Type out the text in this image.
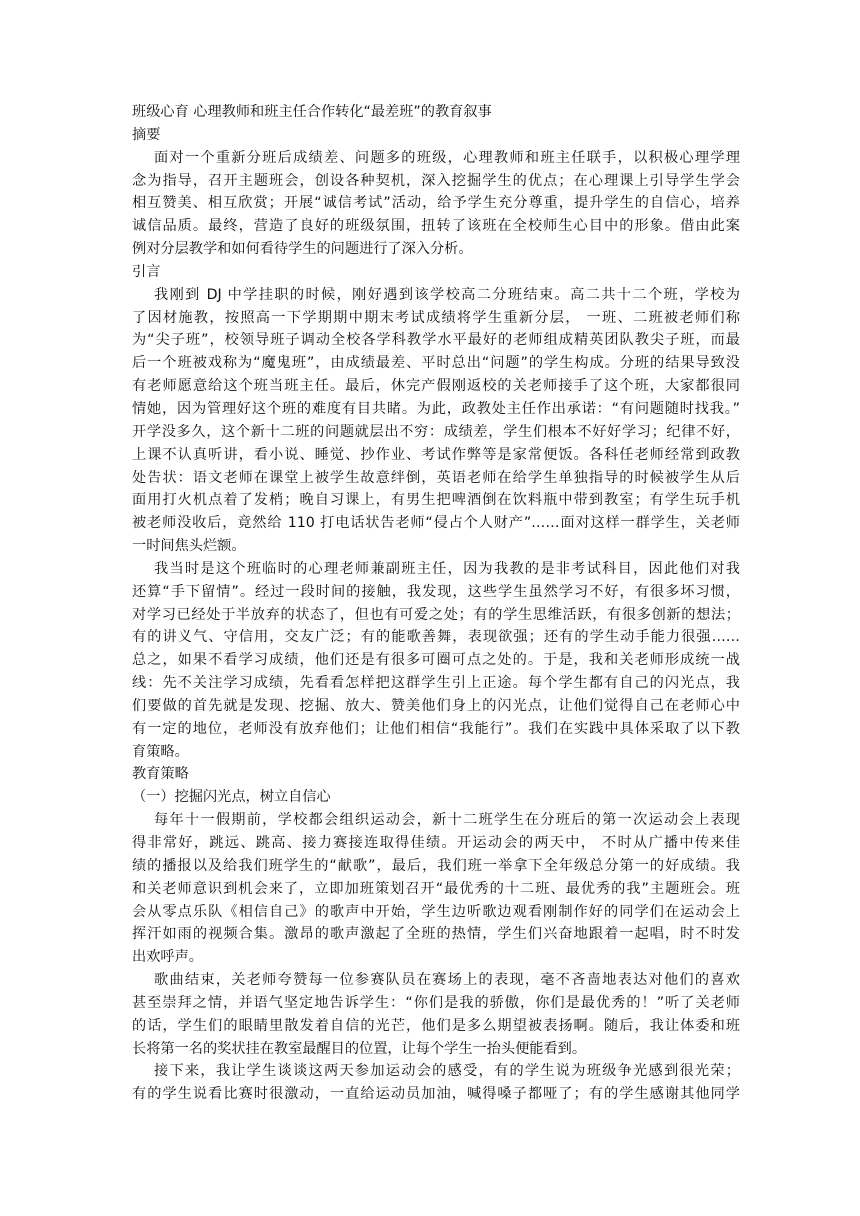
班级心育 心理教师和班主任合作转化“最差班”的教育叙事
摘要
面对一个重新分班后成绩差、问题多的班级，心理教师和班主任联手，以积极心理学理
念为指导，召开主题班会，创设各种契机，深入挖掘学生的优点；在心理课上引导学生学会
相互赞美、相互欣赏；开展“诚信考试”活动，给予学生充分尊重，提升学生的自信心，培养
诚信品质。最终，营造了良好的班级氛围，扭转了该班在全校师生心目中的形象。借由此案
例对分层教学和如何看待学生的问题进行了深入分析。
引言
我刚到 DJ 中学挂职的时候，刚好遇到该学校高二分班结束。高二共十二个班，学校为
了因材施教，按照高一下学期期中期末考试成绩将学生重新分层， 一班、二班被老师们称
为“尖子班”，校领导班子调动全校各学科教学水平最好的老师组成精英团队教尖子班，而最
后一个班被戏称为“魔鬼班”，由成绩最差、平时总出“问题”的学生构成。分班的结果导致没
有老师愿意给这个班当班主任。最后，休完产假刚返校的关老师接手了这个班，大家都很同
情她，因为管理好这个班的难度有目共睹。为此，政教处主任作出承诺：“有问题随时找我。”
开学没多久，这个新十二班的问题就层出不穷：成绩差，学生们根本不好好学习；纪律不好，
上课不认真听讲，看小说、睡觉、抄作业、考试作弊等是家常便饭。各科任老师经常到政教
处告状：语文老师在课堂上被学生故意绊倒，英语老师在给学生单独指导的时候被学生从后
面用打火机点着了发梢；晚自习课上，有男生把啤酒倒在饮料瓶中带到教室；有学生玩手机
被老师没收后，竟然给 110 打电话状告老师“侵占个人财产”……面对这样一群学生，关老师
一时间焦头烂额。
我当时是这个班临时的心理老师兼副班主任，因为我教的是非考试科目，因此他们对我
还算“手下留情”。经过一段时间的接触，我发现，这些学生虽然学习不好，有很多坏习惯，
对学习已经处于半放弃的状态了，但也有可爱之处；有的学生思维活跃，有很多创新的想法；
有的讲义气、守信用，交友广泛；有的能歌善舞，表现欲强；还有的学生动手能力很强……
总之，如果不看学习成绩，他们还是有很多可圈可点之处的。于是，我和关老师形成统一战
线：先不关注学习成绩，先看看怎样把这群学生引上正途。每个学生都有自己的闪光点，我
们要做的首先就是发现、挖掘、放大、赞美他们身上的闪光点，让他们觉得自己在老师心中
有一定的地位，老师没有放弃他们；让他们相信“我能行”。我们在实践中具体采取了以下教
育策略。
教育策略
（一）挖掘闪光点，树立自信心
每年十一假期前，学校都会组织运动会，新十二班学生在分班后的第一次运动会上表现
得非常好，跳远、跳高、接力赛接连取得佳绩。开运动会的两天中， 不时从广播中传来佳
绩的播报以及给我们班学生的“献歌”，最后，我们班一举拿下全年级总分第一的好成绩。我
和关老师意识到机会来了，立即加班策划召开“最优秀的十二班、最优秀的我”主题班会。班
会从零点乐队《相信自己》的歌声中开始，学生边听歌边观看刚制作好的同学们在运动会上
挥汗如雨的视频合集。激昂的歌声激起了全班的热情，学生们兴奋地跟着一起唱，时不时发
出欢呼声。
歌曲结束，关老师夸赞每一位参赛队员在赛场上的表现，毫不吝啬地表达对他们的喜欢
甚至崇拜之情，并语气坚定地告诉学生：“你们是我的骄傲，你们是最优秀的！”听了关老师
的话，学生们的眼睛里散发着自信的光芒，他们是多么期望被表扬啊。随后，我让体委和班
长将第一名的奖状挂在教室最醒目的位置，让每个学生一抬头便能看到。
接下来，我让学生谈谈这两天参加运动会的感受，有的学生说为班级争光感到很光荣；
有的学生说看比赛时很激动，一直给运动员加油，喊得嗓子都哑了；有的学生感谢其他同学
